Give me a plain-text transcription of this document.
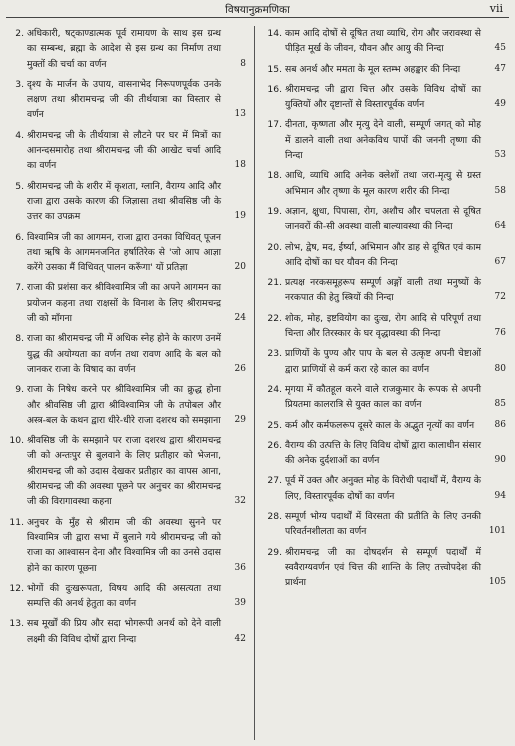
विषयानुक्रमणिका	vii
2. अधिकारी, षट्काण्डात्मक पूर्व रामायण के साथ इस ग्रन्थ का सम्बन्ध, ब्रह्मा के आदेश से इस ग्रन्थ का निर्माण तथा मुक्तों की चर्चा का वर्णन	8
3. दृश्य के मार्जन के उपाय, वासनाभेद निरूपणपूर्वक उनके लक्षण तथा श्रीरामचन्द्र जी की तीर्थयात्रा का विस्तार से वर्णन	13
4. श्रीरामचन्द्र जी के तीर्थयात्रा से लौटने पर घर में मित्रों का आनन्दसमारोह तथा श्रीरामचन्द्र जी की आखेट चर्चा आदि का वर्णन	18
5. श्रीरामचन्द्र जी के शरीर में कृशता, ग्लानि, वैराग्य आदि और राजा द्वारा उसके कारण की जिज्ञासा तथा श्रीवसिष्ठ जी के उत्तर का उपक्रम	19
6. विश्वामित्र जी का आगमन, राजा द्वारा उनका विधिवत् पूजन तथा ऋषि के आगमनजनित हर्षातिरेक से 'जो आप आज्ञा करेंगे उसका मैं विधिवत् पालन करूँगा' यों प्रतिज्ञा	20
7. राजा की प्रशंसा कर श्रीविश्वामित्र जी का अपने आगमन का प्रयोजन कहना तथा राक्षसों के विनाश के लिए श्रीरामचन्द्र जी को माँगना	24
8. राजा का श्रीरामचन्द्र जी में अधिक स्नेह होने के कारण उनमें युद्ध की अयोग्यता का वर्णन तथा रावण आदि के बल को जानकर राजा के विषाद का वर्णन	26
9. राजा के निषेध करने पर श्रीविश्वामित्र जी का क्रुद्ध होना और श्रीवसिष्ठ जी द्वारा श्रीविश्वामित्र जी के तपोबल और अस्त्र-बल के कथन द्वारा धीरे-धीरे राजा दशरथ को समझाना 29
10. श्रीवसिष्ठ जी के समझाने पर राजा दशरथ द्वारा श्रीरामचन्द्र जी को अन्तःपुर से बुलवाने के लिए प्रतीहार को भेजना, श्रीरामचन्द्र जी को उदास देखकर प्रतीहार का वापस आना, श्रीरामचन्द्र जी की अवस्था पूछने पर अनुचर का श्रीरामचन्द्र जी की विरागावस्था कहना	32
11. अनुचर के मुँह से श्रीराम जी की अवस्था सुनने पर विश्वामित्र जी द्वारा सभा में बुलाने गये श्रीरामचन्द्र जी को राजा का आश्वासन देना और विश्वामित्र जी का उनसे उदास होने का कारण पूछना	36
12. भोगों की दुःखरूपता, विषय आदि की असत्यता तथा सम्पत्ति की अनर्थ हेतुता का वर्णन	39
13. सब मूर्खों की प्रिय और सदा भोगरूपी अनर्थ को देने वाली लक्ष्मी की विविध दोषों द्वारा निन्दा	42
14. काम आदि दोषों से दूषित तथा व्याधि, रोग और जरावस्था से पीड़ित मूर्ख के जीवन, यौवन और आयु की निन्दा	45
15. सब अनर्थ और ममता के मूल स्तम्भ अहङ्कार की निन्दा	47
16. श्रीरामचन्द्र जी द्वारा चित्त और उसके विविध दोषों का युक्तियों और दृष्टान्तों से विस्तारपूर्वक वर्णन	49
17. दीनता, कृष्णता और मृत्यु देने वाली, सम्पूर्ण जगत् को मोह में डालने वाली तथा अनेकविध पापों की जननी तृष्णा की निन्दा	53
18. आधि, व्याधि आदि अनेक क्लेशों तथा जरा-मृत्यु से ग्रस्त अभिमान और तृष्णा के मूल कारण शरीर की निन्दा	58
19. अज्ञान, क्षुधा, पिपासा, रोग, अशौच और चपलता से दूषित जानवरों की-सी अवस्था वाली बाल्यावस्था की निन्दा	64
20. लोभ, द्वेष, मद, ईर्ष्या, अभिमान और डाह से दूषित एवं काम आदि दोषों का घर यौवन की निन्दा	67
21. प्रत्यक्ष नरकसमूहरूप सम्पूर्ण अङ्गों वाली तथा मनुष्यों के नरकपात की हेतु स्त्रियों की निन्दा	72
22. शोक, मोह, इष्टवियोग का दुःख, रोग आदि से परिपूर्ण तथा चिन्ता और तिरस्कार के घर वृद्धावस्था की निन्दा	76
23. प्राणियों के पुण्य और पाप के बल से उत्कृष्ट अपनी चेष्टाओं द्वारा प्राणियों से कर्म करा रहे काल का वर्णन	80
24. मृगया में कौतहूल करने वाले राजकुमार के रूपक से अपनी प्रियतमा कालरात्रि से युक्त काल का वर्णन	85
25. कर्म और कर्मफलरूप दूसरे काल के अद्भुत नृत्यों का वर्णन	86
26. वैराग्य की उत्पत्ति के लिए विविध दोषों द्वारा कालाधीन संसार की अनेक दुर्दशाओं का वर्णन	90
27. पूर्व में उक्त और अनुक्त मोह के विरोधी पदार्थों में, वैराग्य के लिए, विस्तारपूर्वक दोषों का वर्णन	94
28. सम्पूर्ण भोग्य पदार्थों में विरसता की प्रतीति के लिए उनकी परिवर्तनशीलता का वर्णन	101
29. श्रीरामचन्द्र जी का दोषदर्शन से सम्पूर्ण पदार्थों में स्ववैराग्यवर्णन एवं चित्त की शान्ति के लिए तत्त्वोपदेश की प्रार्थना	105
